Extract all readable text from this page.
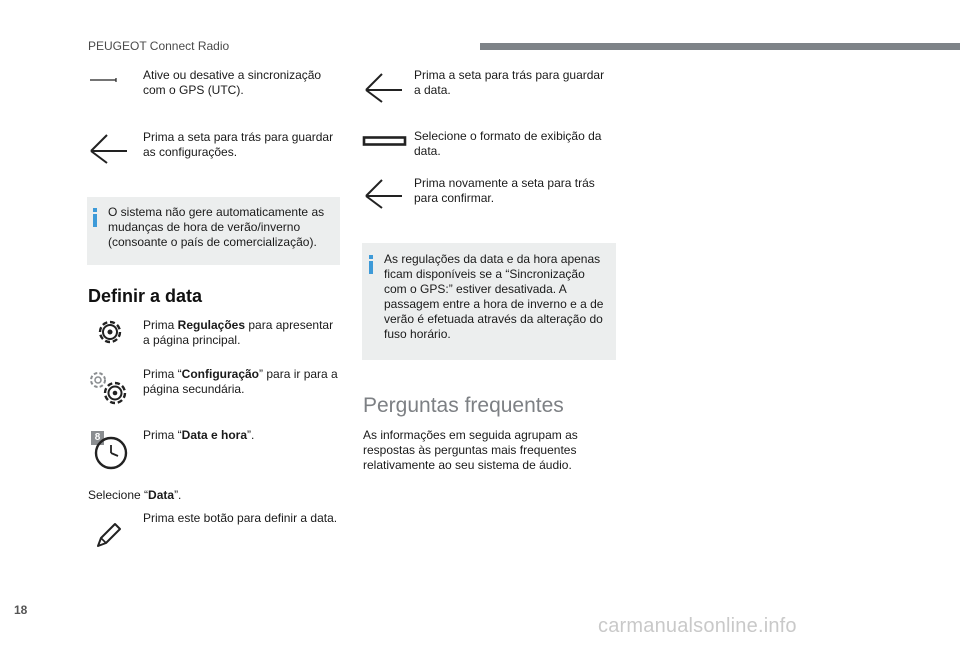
PEUGEOT Connect Radio
Ative ou desative a sincronização com o GPS (UTC).
Prima a seta para trás para guardar as configurações.
O sistema não gere automaticamente as mudanças de hora de verão/inverno (consoante o país de comercialização).
Definir a data
Prima Regulações para apresentar a página principal.
Prima “Configuração” para ir para a página secundária.
8	Prima “Data e hora”.
Selecione “Data”.
Prima este botão para definir a data.
Prima a seta para trás para guardar a data.
Selecione o formato de exibição da data.
Prima novamente a seta para trás para confirmar.
As regulações da data e da hora apenas ficam disponíveis se a “Sincronização com o GPS:” estiver desativada. A passagem entre a hora de inverno e a de verão é efetuada através da alteração do fuso horário.
Perguntas frequentes
As informações em seguida agrupam as respostas às perguntas mais frequentes relativamente ao seu sistema de áudio.
18
carmanualsonline.info
